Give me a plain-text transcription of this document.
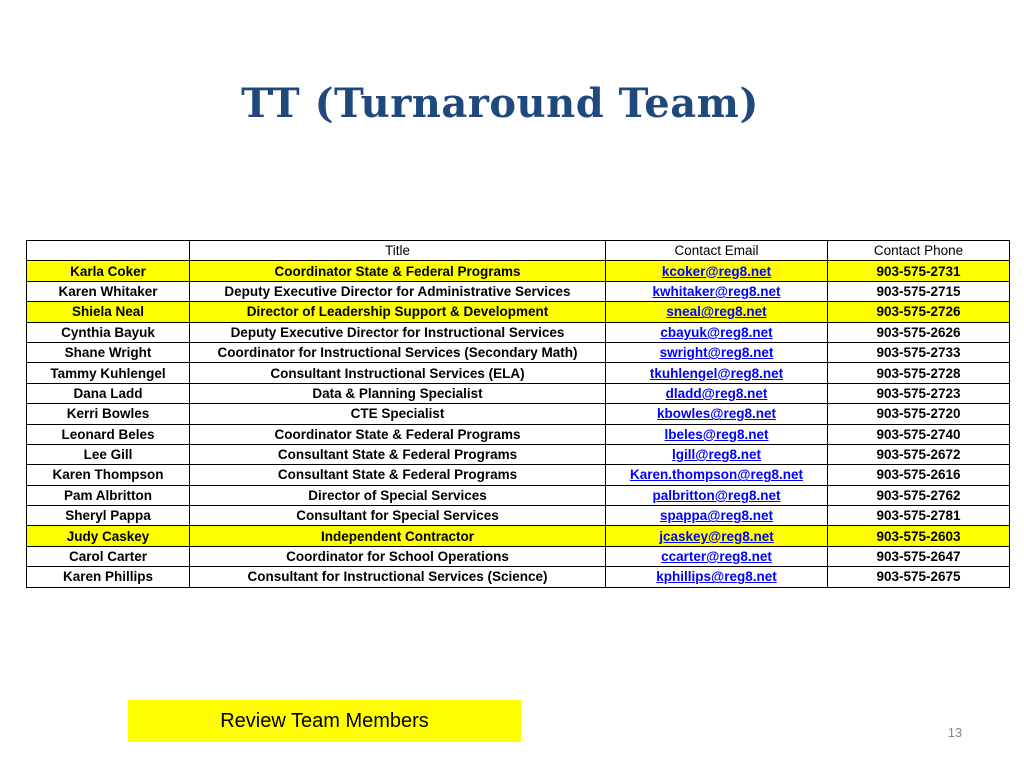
TT (Turnaround Team)
	Title	Contact Email	Contact Phone
Karla Coker	Coordinator State & Federal Programs	kcoker@reg8.net	903-575-2731
Karen Whitaker	Deputy Executive Director for Administrative Services	kwhitaker@reg8.net	903-575-2715
Shiela Neal	Director of Leadership Support & Development	sneal@reg8.net	903-575-2726
Cynthia Bayuk	Deputy Executive Director for Instructional Services	cbayuk@reg8.net	903-575-2626
Shane Wright	Coordinator for Instructional Services (Secondary Math)	swright@reg8.net	903-575-2733
Tammy Kuhlengel	Consultant Instructional Services (ELA)	tkuhlengel@reg8.net	903-575-2728
Dana Ladd	Data & Planning Specialist	dladd@reg8.net	903-575-2723
Kerri Bowles	CTE Specialist	kbowles@reg8.net	903-575-2720
Leonard Beles	Coordinator State & Federal Programs	lbeles@reg8.net	903-575-2740
Lee Gill	Consultant State & Federal Programs	lgill@reg8.net	903-575-2672
Karen Thompson	Consultant State & Federal Programs	Karen.thompson@reg8.net	903-575-2616
Pam Albritton	Director of Special Services	palbritton@reg8.net	903-575-2762
Sheryl Pappa	Consultant for Special Services	spappa@reg8.net	903-575-2781
Judy Caskey	Independent Contractor	jcaskey@reg8.net	903-575-2603
Carol Carter	Coordinator for School Operations	ccarter@reg8.net	903-575-2647
Karen Phillips	Consultant for Instructional Services (Science)	kphillips@reg8.net	903-575-2675
Review Team Members
13
